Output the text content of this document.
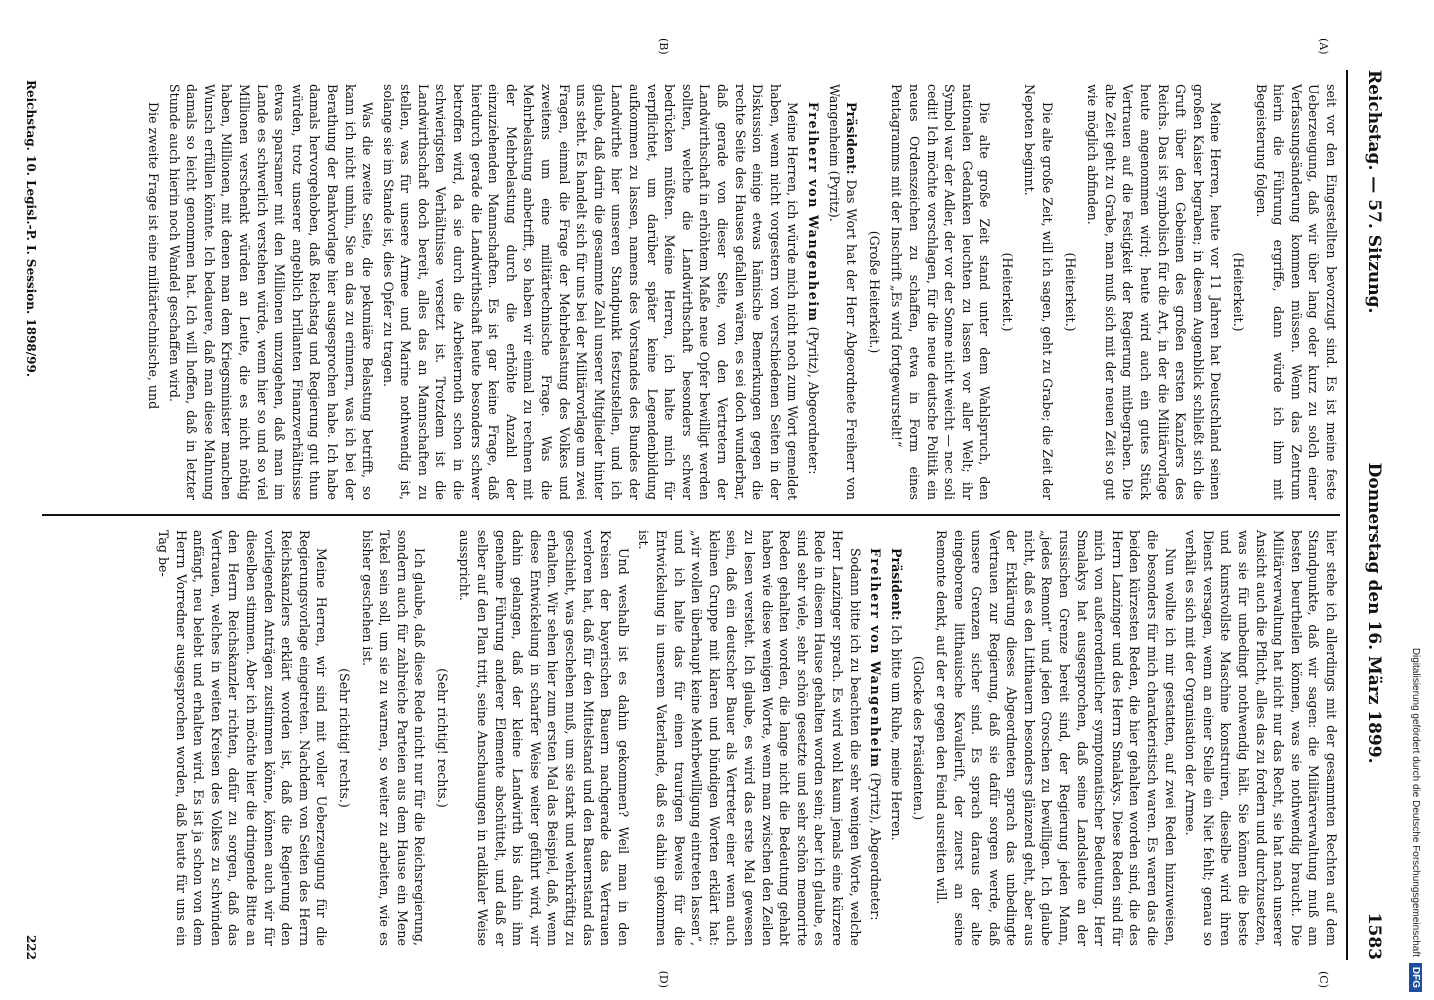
Reichstag. — 57. Sitzung.
Donnerstag den 16. März 1899.
1583
(A)
(B)
(C)
(D)

seit vor den Eingestellten bevorzugt sind. Es ist meine feste Ueberzeugung, daß wir über lang oder kurz zu solch einer Verfassungsänderung kommen müssen. Wenn das Zentrum hierin die Führung ergriffe, dann würde ich ihm mit Begeisterung folgen.

(Heiterkeit.)

Meine Herren, heute vor 11 Jahren hat Deutschland seinen großen Kaiser begraben; in diesem Augenblick schließt sich die Gruft über den Gebeinen des großen ersten Kanzlers des Reichs. Das ist symbolisch für die Art, in der die Militärvorlage heute angenommen wird; heute wird auch ein gutes Stück Vertrauen auf die Festigkeit der Regierung mitbegraben. Die alte Zeit geht zu Grabe, man muß sich mit der neuen Zeit so gut wie möglich abfinden.

(Heiterkeit.)

Die alte große Zeit, will ich sagen, geht zu Grabe; die Zeit der Nepoten beginnt.

(Heiterkeit.)

Die alte große Zeit stand unter dem Wahlspruch, den nationalen Gedanken leuchten zu lassen vor aller Welt; ihr Symbol war der Adler, der vor der Sonne nicht weicht — nec soli cedit! Ich möchte vorschlagen, für die neue deutsche Politik ein neues Ordenszeichen zu schaffen, etwa in Form eines Pentagramms mit der Inschrift „Es wird fortgewurstelt!“

(Große Heiterkeit.)

Präsident: Das Wort hat der Herr Abgeordnete Freiherr von Wangenheim (Pyritz).

Freiherr von Wangenheim (Pyritz), Abgeordneter:

Meine Herren, ich würde mich nicht noch zum Wort gemeldet haben, wenn nicht vorgestern von verschiedenen Seiten in der Diskussion einige etwas hämische Bemerkungen gegen die rechte Seite des Hauses gefallen wären, es sei doch wunderbar, daß gerade von dieser Seite, von den Vertretern der Landwirthschaft in erhöhtem Maße neue Opfer bewilligt werden sollten, welche die Landwirthschaft besonders schwer bedrücken müßten. Meine Herren, ich halte mich für verpflichtet, um darüber später keine Legendenbildung aufkommen zu lassen, namens des Vorstandes des Bundes der Landwirthe hier unseren Standpunkt festzustellen, und ich glaube, daß darin die gesammte Zahl unserer Mitglieder hinter uns steht. Es handelt sich für uns bei der Militärvorlage um zwei Fragen, einmal die Frage der Mehrbelastung des Volkes und zweitens um eine militärtechnische Frage. Was die Mehrbelastung anbetrifft, so haben wir einmal zu rechnen mit der Mehrbelastung durch die erhöhte Anzahl der einzuziehenden Mannschaften. Es ist gar keine Frage, daß hierdurch gerade die Landwirthschaft heute besonders schwer betroffen wird, da sie durch die Arbeiternoth schon in die schwierigsten Verhältnisse versetzt ist. Trotzdem ist die Landwirthschaft doch bereit, alles das an Mannschaften zu stellen, was für unsere Armee und Marine nothwendig ist, solange sie im Stande ist, dies Opfer zu tragen.

Was die zweite Seite, die pekuniäre Belastung betrifft, so kann ich nicht umhin, Sie an das zu erinnern, was ich bei der Berathung der Bankvorlage hier ausgesprochen habe. Ich habe damals hervorgehoben, daß Reichstag und Regierung gut thun würden, trotz unserer angeblich brillanten Finanzverhältnisse etwas sparsamer mit den Millionen umzugehen, daß man im Lande es schwerlich verstehen würde, wenn hier so und so viel Millionen verschenkt würden an Leute, die es nicht nöthig haben, Millionen, mit denen man dem Kriegsminister manchen Wunsch erfüllen könnte. Ich bedauere, daß man diese Mahnung damals so leicht genommen hat. Ich will hoffen, daß in letzter Stunde auch hierin noch Wandel geschaffen wird.

Die zweite Frage ist eine militärtechnische, und

hier stehe ich allerdings mit der gesammten Rechten auf dem Standpunkte, daß wir sagen: die Militärverwaltung muß am besten beurtheilen können, was sie nothwendig braucht. Die Militärverwaltung hat nicht nur das Recht, sie hat nach unserer Ansicht auch die Pflicht, alles das zu fordern und durchzusetzen, was sie für unbedingt nothwendig hält. Sie können die beste und kunstvollste Maschine konstruiren, dieselbe wird ihren Dienst versagen, wenn an einer Stelle ein Niet fehlt; genau so verhält es sich mit der Organisation der Armee.

Nun wollte ich mir gestatten, auf zwei Reden hinzuweisen, die besonders für mich charakteristisch waren. Es waren das die beiden kürzesten Reden, die hier gehalten worden sind, die des Herrn Lanzinger und des Herrn Smalakys. Diese Reden sind für mich von außerordentlicher symptomatischer Bedeutung. Herr Smalakys hat ausgesprochen, daß seine Landsleute an der russischen Grenze bereit sind, der Regierung jeden Mann, „jedes Remont“ und jeden Groschen zu bewilligen. Ich glaube nicht, daß es den Litthauern besonders glänzend geht, aber aus der Erklärung dieses Abgeordneten sprach das unbedingte Vertrauen zur Regierung, daß sie dafür sorgen werde, daß unsere Grenzen sicher sind. Es sprach daraus der alte eingeborene litthauische Kavalleriſt, der zuerst an seine Remonte denkt, auf der er gegen den Feind ausreiten will.

(Glocke des Präsidenten.)

Präsident: Ich bitte um Ruhe, meine Herren.

Freiherr von Wangenheim (Pyritz), Abgeordneter:

Sodann bitte ich zu beachten die sehr wenigen Worte, welche Herr Lanzinger sprach. Es wird wohl kaum jemals eine kürzere Rede in diesem Hause gehalten worden sein; aber ich glaube, es sind sehr viele, sehr schön gesetzte und sehr schön memorirte Reden gehalten worden, die lange nicht die Bedeutung gehabt haben wie diese wenigen Worte, wenn man zwischen den Zeilen zu lesen versteht. Ich glaube, es wird das erste Mal gewesen sein, daß ein deutscher Bauer als Vertreter einer wenn auch kleinen Gruppe mit klaren und bündigen Worten erklärt hat: „wir wollen überhaupt keine Mehrbewilligung eintreten lassen“, und ich halte das für einen traurigen Beweis für die Entwickelung in unserem Vaterlande, daß es dahin gekommen ist.

Und weshalb ist es dahin gekommen? Weil man in den Kreisen der bayerischen Bauern nachgerade das Vertrauen verloren hat, daß für den Mittelstand und den Bauernstand das geschieht, was geschehen muß, um sie stark und wehrkräftig zu erhalten. Wir sehen hier zum ersten Mal das Beispiel, daß, wenn diese Entwickelung in scharfer Weise weiter geführt wird, wir dahin gelangen, daß der kleine Landwirth bis dahin ihm genehme Führung anderer Elemente abschüttelt, und daß er selber auf den Plan tritt, seine Anschauungen in radikaler Weise ausspricht.

(Sehr richtig! rechts.)

Ich glaube, daß diese Rede nicht nur für die Reichsregierung, sondern auch für zahlreiche Parteien aus dem Hause ein Mene Tekel sein soll, um sie zu warnen, so weiter zu arbeiten, wie es bisher geschehen ist.

(Sehr richtig! rechts.)

Meine Herren, wir sind mit voller Ueberzeugung für die Regierungsvorlage eingetreten. Nachdem von Seiten des Herrn Reichskanzlers erklärt worden ist, daß die Regierung den vorliegenden Anträgen zustimmen könne, können auch wir für dieselben stimmen. Aber ich möchte hier die dringende Bitte an den Herrn Reichskanzler richten, dafür zu sorgen, daß das Vertrauen, welches in weiten Kreisen des Volkes zu schwinden anfängt, neu belebt und erhalten wird. Es ist ja schon von dem Herrn Vorredner ausgesprochen worden, daß heute für uns ein Tag be-

Reichstag. 10. Legisl.-P. I. Session. 1898/99.
222	Digitalisierung gefördert durch die Deutsche Forschungsgemeinschaft
DFG
